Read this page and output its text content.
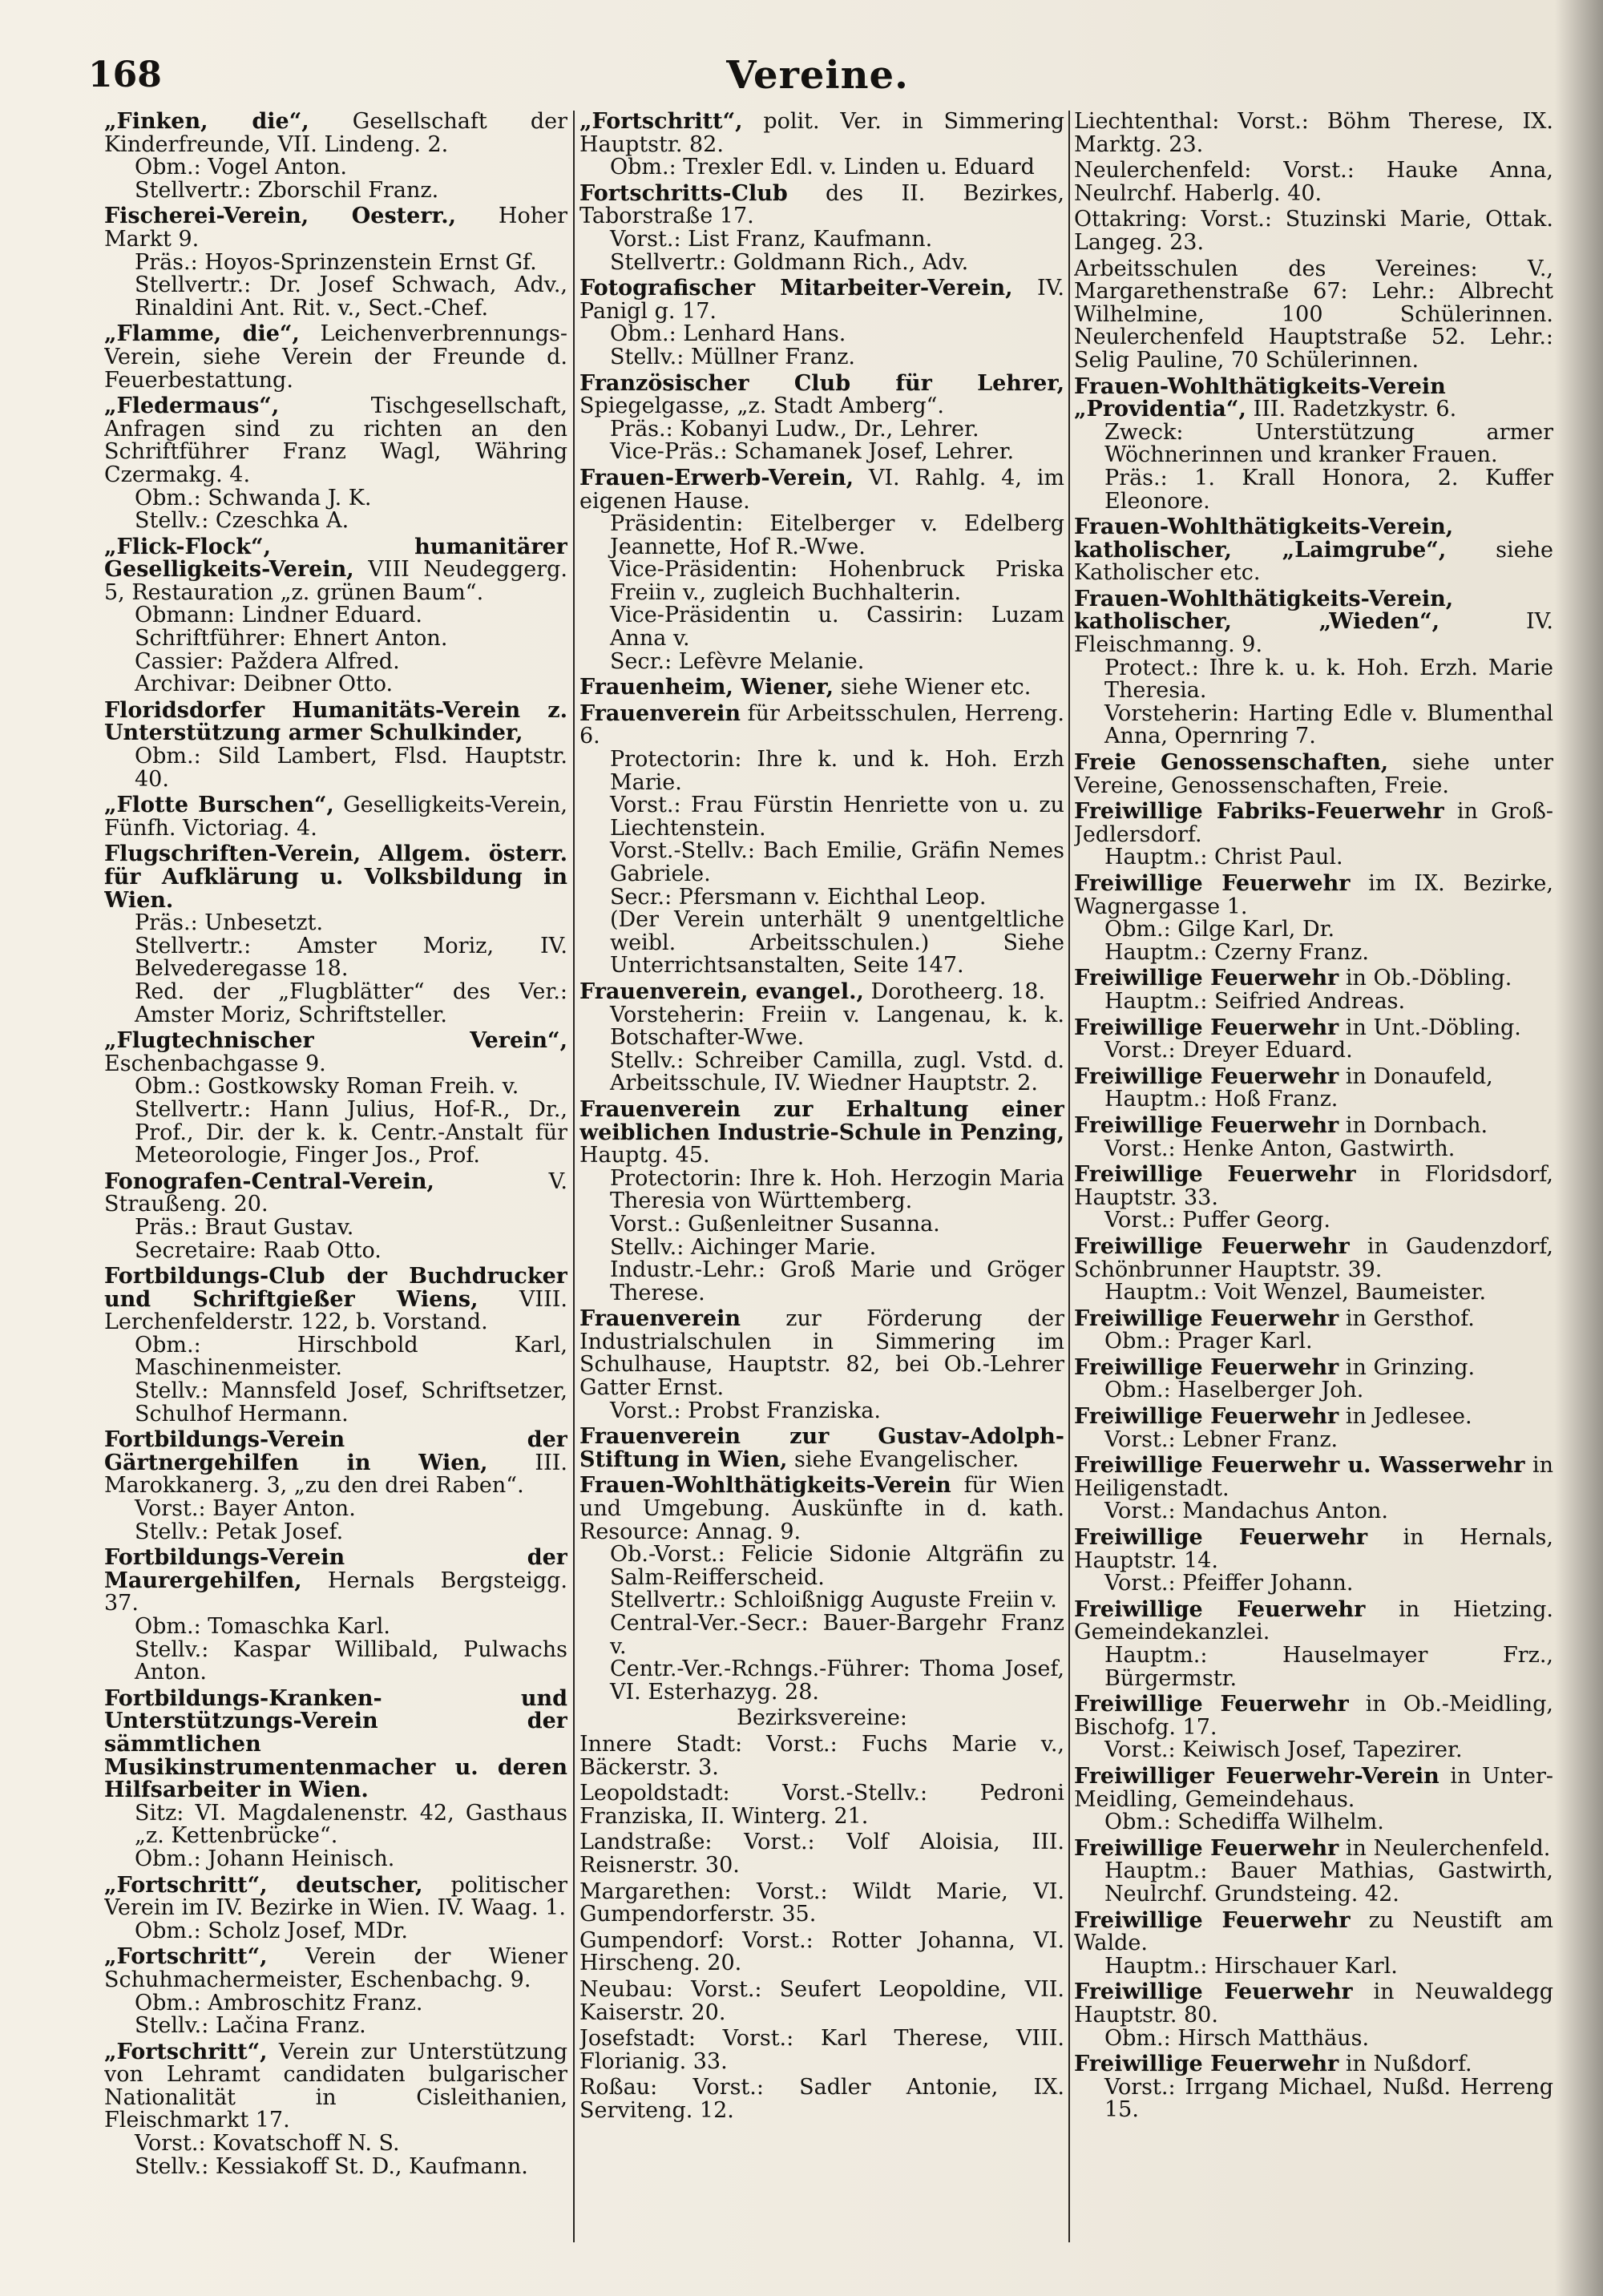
168	Vereine.
„Finken, die“, Gesellschaft der Kinderfreunde, VII. Lindeng. 2.
Obm.: Vogel Anton.
Stellvertr.: Zborschil Franz.
Fischerei-Verein, Oesterr., Hoher Markt 9.
Präs.: Hoyos-Sprinzenstein Ernst Gf.
Stellvertr.: Dr. Josef Schwach, Adv., Rinaldini Ant. Rit. v., Sect.-Chef.
„Flamme, die“, Leichenverbrennungs-Verein, siehe Verein der Freunde d. Feuerbestattung.
„Fledermaus“,	Tischgesellschaft, Anfragen sind zu richten an den Schriftführer Franz Wagl, Währing Czermakg. 4.
Obm.: Schwanda J. K.
Stellv.: Czeschka A.
„Flick-Flock“, humanitärer Geselligkeits-Verein, VIII Neudeggerg. 5, Restauration „z. grünen Baum“.
Obmann: Lindner Eduard.
Schriftführer: Ehnert Anton.
Cassier: Paždera Alfred.
Archivar: Deibner Otto.
Floridsdorfer Humanitäts-Verein z. Unterstützung armer Schulkinder,
Obm.: Sild Lambert, Flsd. Hauptstr. 40.
„Flotte Burschen“, Geselligkeits-Verein, Fünfh. Victoriag. 4.
Flugschriften-Verein, Allgem. österr. für Aufklärung u. Volksbildung in Wien.
Präs.: Unbesetzt.
Stellvertr.: Amster Moriz, IV. Belvederegasse 18.
Red. der „Flugblätter“ des Ver.: Amster Moriz, Schriftsteller.
„Flugtechnischer Verein“, Eschenbachgasse 9.
Obm.: Gostkowsky Roman Freih. v.
Stellvertr.: Hann Julius, Hof-R., Dr., Prof., Dir. der k. k. Centr.-Anstalt für Meteorologie, Finger Jos., Prof.
Fonografen-Central-Verein,	V. Straußeng. 20.
Präs.: Braut Gustav.
Secretaire: Raab Otto.
Fortbildungs-Club der Buchdrucker und Schriftgießer Wiens, VIII. Lerchenfelderstr. 122, b. Vorstand.
Obm.: Hirschbold Karl, Maschinenmeister.
Stellv.: Mannsfeld Josef, Schriftsetzer, Schulhof Hermann.
Fortbildungs-Verein der Gärtnergehilfen in Wien, III. Marokkanerg. 3, „zu den drei Raben“.
Vorst.: Bayer Anton.
Stellv.: Petak Josef.
Fortbildungs-Verein der Maurergehilfen, Hernals Bergsteigg. 37.
Obm.: Tomaschka Karl.
Stellv.: Kaspar Willibald, Pulwachs Anton.
Fortbildungs-Kranken- und Unterstützungs-Verein der sämmtlichen Musikinstrumentenmacher u. deren Hilfsarbeiter in Wien.
Sitz: VI. Magdalenenstr. 42, Gasthaus „z. Kettenbrücke“.
Obm.: Johann Heinisch.
„Fortschritt“, deutscher, politischer Verein im IV. Bezirke in Wien. IV. Waag. 1.
Obm.: Scholz Josef, MDr.
„Fortschritt“, Verein der Wiener Schuhmachermeister, Eschenbachg. 9.
Obm.: Ambroschitz Franz.
Stellv.: Lačina Franz.
„Fortschritt“, Verein zur Unterstützung von Lehramt candidaten bulgarischer Nationalität in Cisleithanien, Fleischmarkt 17.
Vorst.: Kovatschoff N. S.
Stellv.: Kessiakoff St. D., Kaufmann.
„Fortschritt“, polit. Ver. in Simmering Hauptstr. 82.
Obm.: Trexler Edl. v. Linden u. Eduard
Fortschritts-Club des II. Bezirkes, Taborstraße 17.
Vorst.: List Franz, Kaufmann.
Stellvertr.: Goldmann Rich., Adv.
Fotografischer Mitarbeiter-Verein, IV. Panigl g. 17.
Obm.: Lenhard Hans.
Stellv.: Müllner Franz.
Französischer Club für Lehrer, Spiegelgasse, „z. Stadt Amberg“.
Präs.: Kobanyi Ludw., Dr., Lehrer.
Vice-Präs.: Schamanek Josef, Lehrer.
Frauen-Erwerb-Verein, VI. Rahlg. 4, im eigenen Hause.
Präsidentin: Eitelberger v. Edelberg Jeannette, Hof R.-Wwe.
Vice-Präsidentin: Hohenbruck Priska Freiin v., zugleich Buchhalterin.
Vice-Präsidentin u. Cassirin: Luzam Anna v.
Secr.: Lefèvre Melanie.
Frauenheim, Wiener, siehe Wiener etc.
Frauenverein für Arbeitsschulen, Herreng. 6.
Protectorin: Ihre k. und k. Hoh. Erzh Marie.
Vorst.: Frau Fürstin Henriette von u. zu Liechtenstein.
Vorst.-Stellv.: Bach Emilie, Gräfin Nemes Gabriele.
Secr.: Pfersmann v. Eichthal Leop.
(Der Verein unterhält 9 unentgeltliche weibl. Arbeitsschulen.) Siehe Unterrichtsanstalten, Seite 147.
Frauenverein, evangel., Dorotheerg. 18.
Vorsteherin: Freiin v. Langenau, k. k. Botschafter-Wwe.
Stellv.: Schreiber Camilla, zugl. Vstd. d. Arbeitsschule, IV. Wiedner Hauptstr. 2.
Frauenverein zur Erhaltung einer weiblichen Industrie-Schule in Penzing, Hauptg. 45.
Protectorin: Ihre k. Hoh. Herzogin Maria Theresia von Württemberg.
Vorst.: Gußenleitner Susanna.
Stellv.: Aichinger Marie.
Industr.-Lehr.: Groß Marie und Gröger Therese.
Frauenverein zur Förderung der Industrialschulen in Simmering im Schulhause, Hauptstr. 82, bei Ob.-Lehrer Gatter Ernst.
Vorst.: Probst Franziska.
Frauenverein zur Gustav-Adolph-Stiftung in Wien, siehe Evangelischer.
Frauen-Wohlthätigkeits-Verein für Wien und Umgebung. Auskünfte in d. kath. Resource: Annag. 9.
Ob.-Vorst.: Felicie Sidonie Altgräfin zu Salm-Reifferscheid.
Stellvertr.: Schloißnigg Auguste Freiin v.
Central-Ver.-Secr.: Bauer-Bargehr Franz v.
Centr.-Ver.-Rchngs.-Führer: Thoma Josef, VI. Esterhazyg. 28.
Bezirksvereine:
Innere Stadt: Vorst.: Fuchs Marie v., Bäckerstr. 3.
Leopoldstadt: Vorst.-Stellv.: Pedroni Franziska, II. Winterg. 21.
Landstraße: Vorst.: Volf Aloisia, III. Reisnerstr. 30.
Margarethen: Vorst.: Wildt Marie, VI. Gumpendorferstr. 35.
Gumpendorf: Vorst.: Rotter Johanna, VI. Hirscheng. 20.
Neubau: Vorst.: Seufert Leopoldine, VII. Kaiserstr. 20.
Josefstadt: Vorst.: Karl Therese, VIII. Florianig. 33.
Roßau: Vorst.: Sadler Antonie, IX. Serviteng. 12.
Liechtenthal: Vorst.: Böhm Therese, IX. Marktg. 23.
Neulerchenfeld: Vorst.: Hauke Anna, Neulrchf. Haberlg. 40.
Ottakring: Vorst.: Stuzinski Marie, Ottak. Langeg. 23.
Arbeitsschulen des Vereines: V., Margarethenstraße 67: Lehr.: Albrecht Wilhelmine, 100 Schülerinnen. Neulerchenfeld Hauptstraße 52. Lehr.: Selig Pauline, 70 Schülerinnen.
Frauen-Wohlthätigkeits-Verein „Providentia“, III. Radetzkystr. 6.
Zweck: Unterstützung armer Wöchnerinnen und kranker Frauen.
Präs.: 1. Krall Honora, 2. Kuffer Eleonore.
Frauen-Wohlthätigkeits-Verein, katholischer, „Laimgrube“, siehe Katholischer etc.
Frauen-Wohlthätigkeits-Verein, katholischer, „Wieden“,	IV. Fleischmanng. 9.
Protect.: Ihre k. u. k. Hoh. Erzh. Marie Theresia.
Vorsteherin: Harting Edle v. Blumenthal Anna, Opernring 7.
Freie Genossenschaften, siehe unter Vereine, Genossenschaften, Freie.
Freiwillige Fabriks-Feuerwehr in Groß-Jedlersdorf.
Hauptm.: Christ Paul.
Freiwillige Feuerwehr im IX. Bezirke, Wagnergasse 1.
Obm.: Gilge Karl, Dr.
Hauptm.: Czerny Franz.
Freiwillige Feuerwehr in Ob.-Döbling.
Hauptm.: Seifried Andreas.
Freiwillige Feuerwehr in Unt.-Döbling.
Vorst.: Dreyer Eduard.
Freiwillige Feuerwehr in Donaufeld,
Hauptm.: Hoß Franz.
Freiwillige Feuerwehr in Dornbach.
Vorst.: Henke Anton, Gastwirth.
Freiwillige Feuerwehr in Floridsdorf, Hauptstr. 33.
Vorst.: Puffer Georg.
Freiwillige Feuerwehr in Gaudenzdorf, Schönbrunner Hauptstr. 39.
Hauptm.: Voit Wenzel, Baumeister.
Freiwillige Feuerwehr in Gersthof.
Obm.: Prager Karl.
Freiwillige Feuerwehr in Grinzing.
Obm.: Haselberger Joh.
Freiwillige Feuerwehr in Jedlesee.
Vorst.: Lebner Franz.
Freiwillige Feuerwehr u. Wasserwehr in Heiligenstadt.
Vorst.: Mandachus Anton.
Freiwillige Feuerwehr in Hernals, Hauptstr. 14.
Vorst.: Pfeiffer Johann.
Freiwillige Feuerwehr in Hietzing. Gemeindekanzlei.
Hauptm.: Hauselmayer Frz., Bürgermstr.
Freiwillige Feuerwehr in Ob.-Meidling, Bischofg. 17.
Vorst.: Keiwisch Josef, Tapezirer.
Freiwilliger Feuerwehr-Verein in Unter-Meidling, Gemeindehaus.
Obm.: Schediffa Wilhelm.
Freiwillige Feuerwehr in Neulerchenfeld.
Hauptm.: Bauer Mathias, Gastwirth, Neulrchf. Grundsteing. 42.
Freiwillige Feuerwehr zu Neustift am Walde.
Hauptm.: Hirschauer Karl.
Freiwillige Feuerwehr in Neuwaldegg Hauptstr. 80.
Obm.: Hirsch Matthäus.
Freiwillige Feuerwehr in Nußdorf.
Vorst.: Irrgang Michael, Nußd. Herreng 15.
